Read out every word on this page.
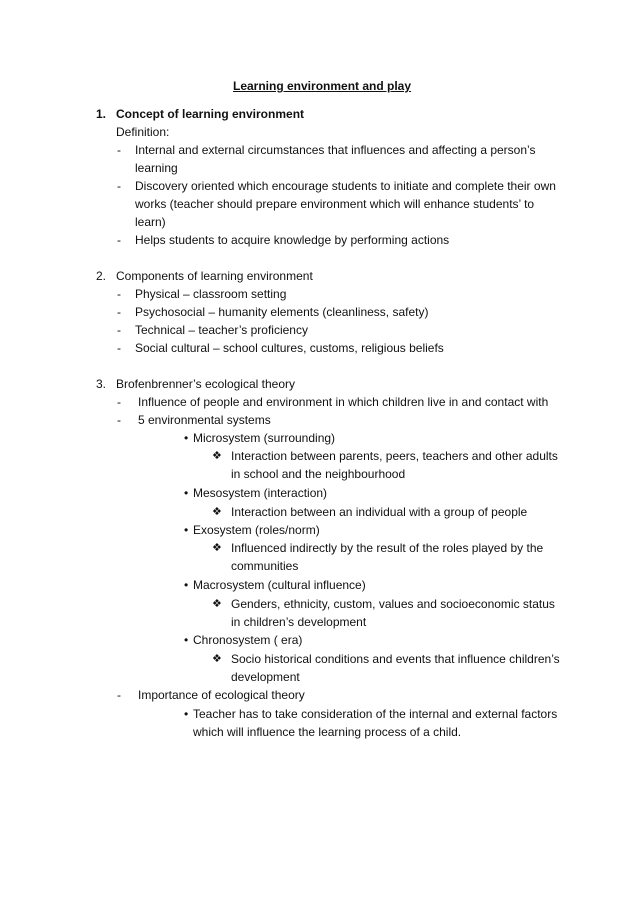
Learning environment and play
1. Concept of learning environment
Definition:
- Internal and external circumstances that influences and affecting a person’s
learning
- Discovery oriented which encourage students to initiate and complete their own
works (teacher should prepare environment which will enhance students’ to
learn)
- Helps students to acquire knowledge by performing actions
2. Components of learning environment
- Physical – classroom setting
- Psychosocial – humanity elements (cleanliness, safety)
- Technical – teacher’s proficiency
- Social cultural – school cultures, customs, religious beliefs
3. Brofenbrenner’s ecological theory
- Influence of people and environment in which children live in and contact with
- 5 environmental systems
• Microsystem (surrounding)
❖ Interaction between parents, peers, teachers and other adults
in school and the neighbourhood
• Mesosystem (interaction)
❖ Interaction between an individual with a group of people
• Exosystem (roles/norm)
❖ Influenced indirectly by the result of the roles played by the
communities
• Macrosystem (cultural influence)
❖ Genders, ethnicity, custom, values and socioeconomic status
in children’s development
• Chronosystem ( era)
❖ Socio historical conditions and events that influence children’s
development
- Importance of ecological theory
• Teacher has to take consideration of the internal and external factors
which will influence the learning process of a child.
